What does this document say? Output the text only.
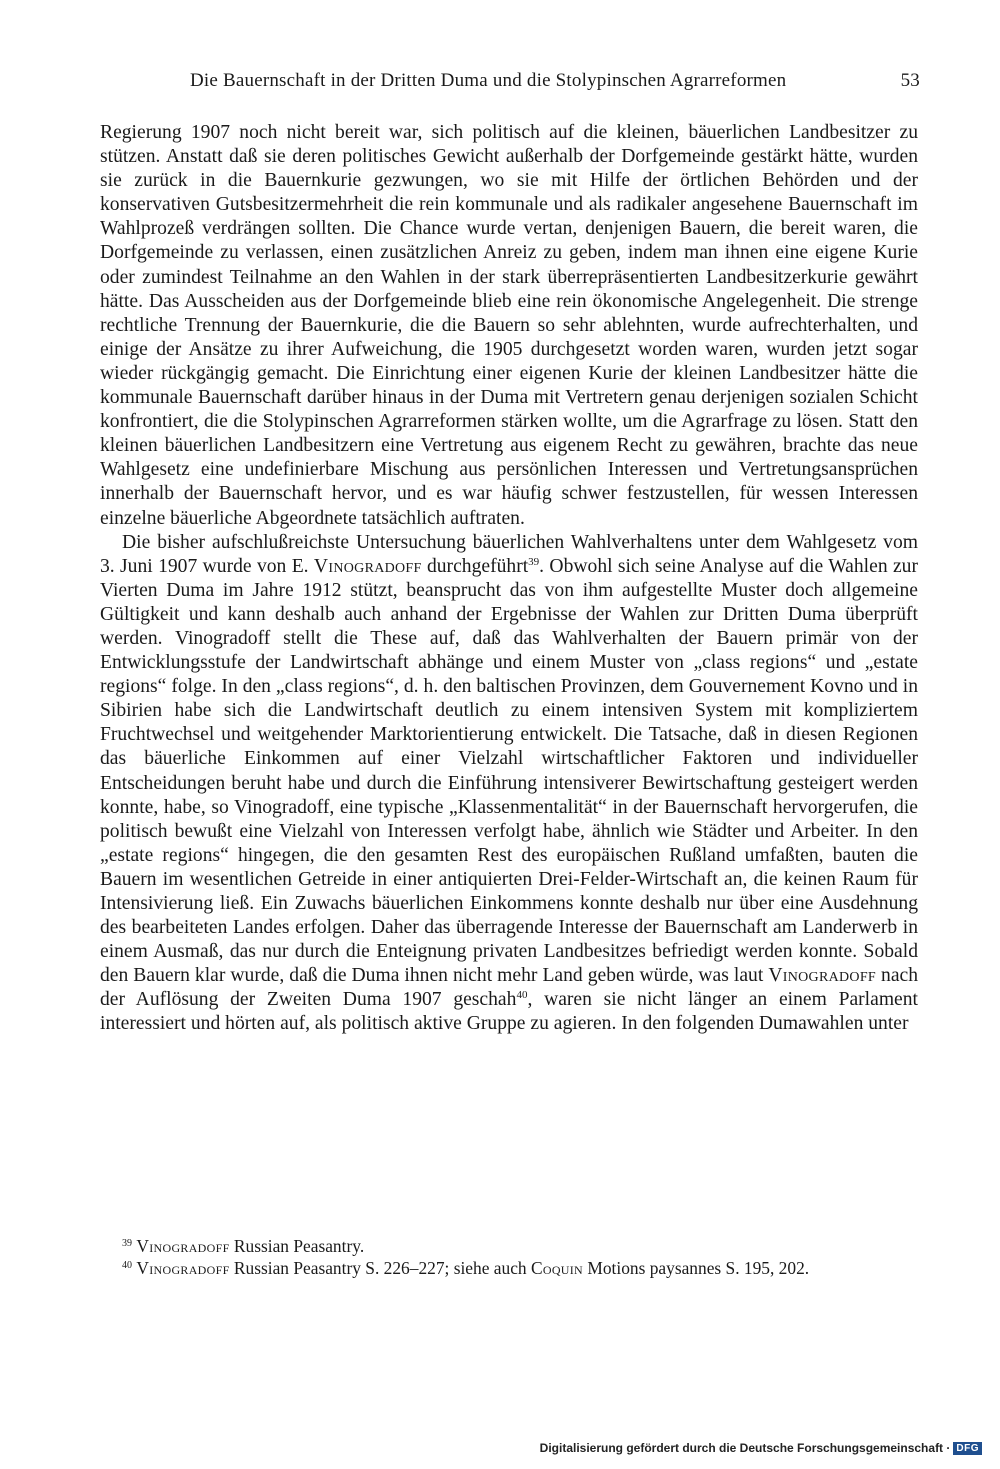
Die Bauernschaft in der Dritten Duma und die Stolypinschen Agrarreformen	53

Regierung 1907 noch nicht bereit war, sich politisch auf die kleinen, bäuerlichen Landbesitzer zu stützen. Anstatt daß sie deren politisches Gewicht außerhalb der Dorfgemeinde gestärkt hätte, wurden sie zurück in die Bauernkurie gezwungen, wo sie mit Hilfe der örtlichen Behörden und der konservativen Gutsbesitzermehrheit die rein kommunale und als radikaler angesehene Bauernschaft im Wahlprozeß verdrängen sollten. Die Chance wurde vertan, denjenigen Bauern, die bereit waren, die Dorfgemeinde zu verlassen, einen zusätzlichen Anreiz zu geben, indem man ihnen eine eigene Kurie oder zumindest Teilnahme an den Wahlen in der stark überrepräsentierten Landbesitzerkurie gewährt hätte. Das Ausscheiden aus der Dorfgemeinde blieb eine rein ökonomische Angelegenheit. Die strenge rechtliche Trennung der Bauernkurie, die die Bauern so sehr ablehnten, wurde aufrechterhalten, und einige der Ansätze zu ihrer Aufweichung, die 1905 durchgesetzt worden waren, wurden jetzt sogar wieder rückgängig gemacht. Die Einrichtung einer eigenen Kurie der kleinen Landbesitzer hätte die kommunale Bauernschaft darüber hinaus in der Duma mit Vertretern genau derjenigen sozialen Schicht konfrontiert, die die Stolypinschen Agrarreformen stärken wollte, um die Agrarfrage zu lösen. Statt den kleinen bäuerlichen Landbesitzern eine Vertretung aus eigenem Recht zu gewähren, brachte das neue Wahlgesetz eine undefinierbare Mischung aus persönlichen Interessen und Vertretungsansprüchen innerhalb der Bauernschaft hervor, und es war häufig schwer festzustellen, für wessen Interessen einzelne bäuerliche Abgeordnete tatsächlich auftraten.

Die bisher aufschlußreichste Untersuchung bäuerlichen Wahlverhaltens unter dem Wahlgesetz vom 3. Juni 1907 wurde von E. Vinogradoff durchgeführt$^{39}$. Obwohl sich seine Analyse auf die Wahlen zur Vierten Duma im Jahre 1912 stützt, beansprucht das von ihm aufgestellte Muster doch allgemeine Gültigkeit und kann deshalb auch anhand der Ergebnisse der Wahlen zur Dritten Duma überprüft werden. Vinogradoff stellt die These auf, daß das Wahlverhalten der Bauern primär von der Entwicklungsstufe der Landwirtschaft abhänge und einem Muster von „class regions“ und „estate regions“ folge. In den „class regions“, d. h. den baltischen Provinzen, dem Gouvernement Kovno und in Sibirien habe sich die Landwirtschaft deutlich zu einem intensiven System mit kompliziertem Fruchtwechsel und weitgehender Marktorientierung entwickelt. Die Tatsache, daß in diesen Regionen das bäuerliche Einkommen auf einer Vielzahl wirtschaftlicher Faktoren und individueller Entscheidungen beruht habe und durch die Einführung intensiverer Bewirtschaftung gesteigert werden konnte, habe, so Vinogradoff, eine typische „Klassenmentalität“ in der Bauernschaft hervorgerufen, die politisch bewußt eine Vielzahl von Interessen verfolgt habe, ähnlich wie Städter und Arbeiter. In den „estate regions“ hingegen, die den gesamten Rest des europäischen Rußland umfaßten, bauten die Bauern im wesentlichen Getreide in einer antiquierten Drei-Felder-Wirtschaft an, die keinen Raum für Intensivierung ließ. Ein Zuwachs bäuerlichen Einkommens konnte deshalb nur über eine Ausdehnung des bearbeiteten Landes erfolgen. Daher das überragende Interesse der Bauernschaft am Landerwerb in einem Ausmaß, das nur durch die Enteignung privaten Landbesitzes befriedigt werden konnte. Sobald den Bauern klar wurde, daß die Duma ihnen nicht mehr Land geben würde, was laut Vinogradoff nach der Auflösung der Zweiten Duma 1907 geschah$^{40}$, waren sie nicht länger an einem Parlament interessiert und hörten auf, als politisch aktive Gruppe zu agieren. In den folgenden Dumawahlen unter

$^{39}$ Vinogradoff Russian Peasantry.

$^{40}$ Vinogradoff Russian Peasantry S. 226–227; siehe auch Coquin Motions paysannes S. 195, 202.

Digitalisierung gefördert durch die Deutsche Forschungsgemeinschaft · DFG
